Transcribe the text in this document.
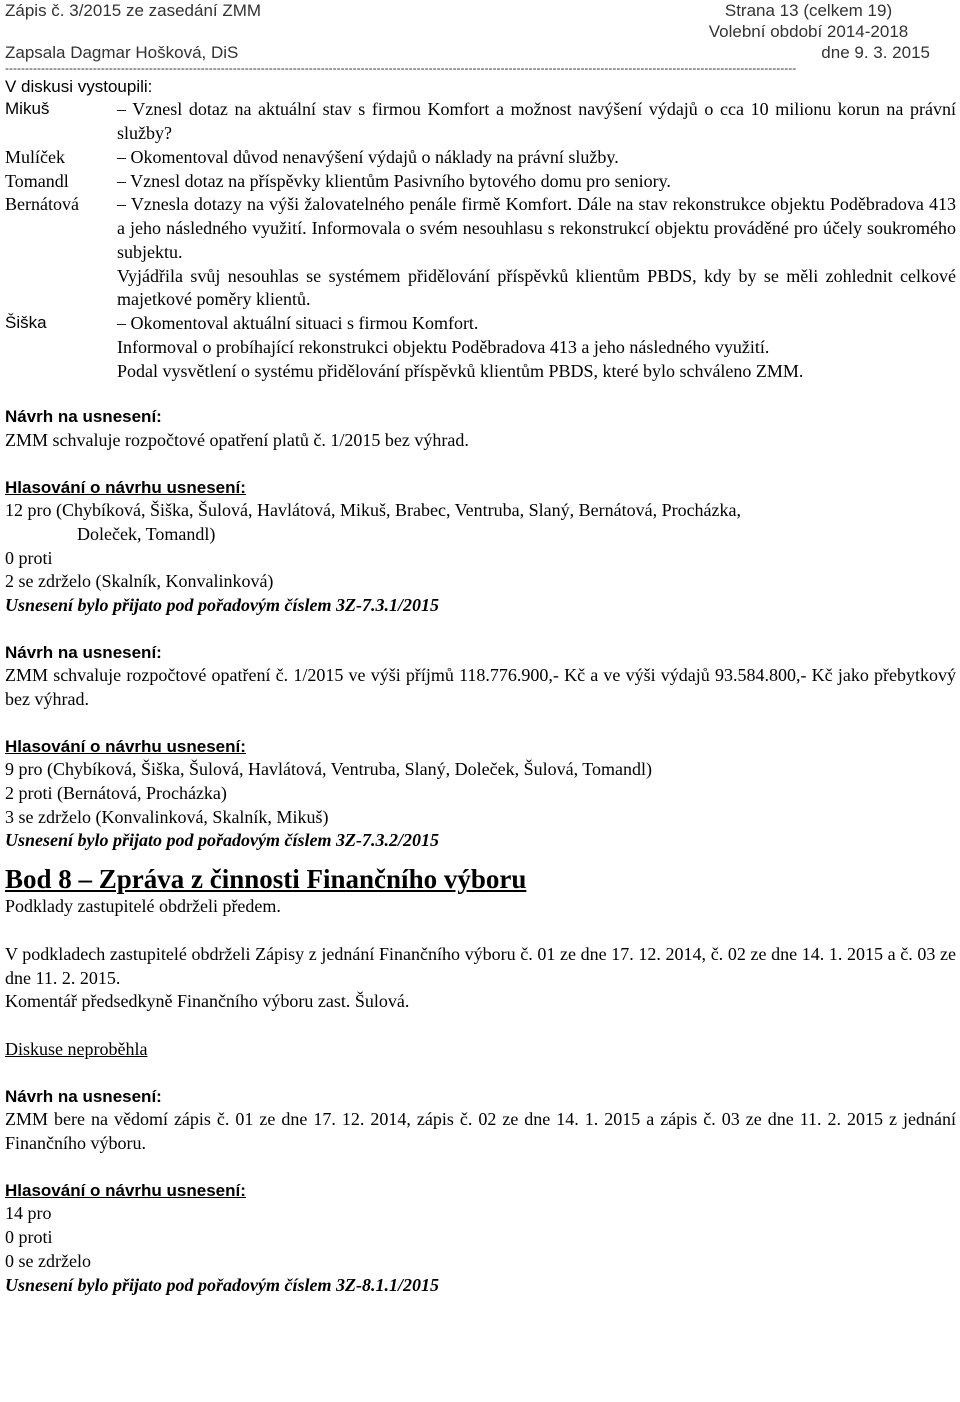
Zápis č. 3/2015 ze zasedání ZMM	Strana 13 (celkem 19)
Zapsala Dagmar Hošková, DiS
Volební období 2014-2018

dne 9. 3. 2015
------------------------------------------------------------------------------------------------------------------------------------------------------------------------------------------------------
V diskusi vystoupili:
Mikuš	– Vznesl dotaz na aktuální stav s firmou Komfort a možnost navýšení výdajů o cca 10 milionu korun na právní služby?
Mulíček	– Okomentoval důvod nenavýšení výdajů o náklady na právní služby.
Tomandl	– Vznesl dotaz na příspěvky klientům Pasivního bytového domu pro seniory.
Bernátová	– Vznesla dotazy na výši žalovatelného penále firmě Komfort. Dále na stav rekonstrukce objektu Poděbradova 413 a jeho následného využití. Informovala o svém nesouhlasu s rekonstrukcí objektu prováděné pro účely soukromého subjektu.
Vyjádřila svůj nesouhlas se systémem přidělování příspěvků klientům PBDS, kdy by se měli zohlednit celkové majetkové poměry klientů.
Šiška	– Okomentoval aktuální situaci s firmou Komfort.
Informoval o probíhající rekonstrukci objektu Poděbradova 413 a jeho následného využití.
Podal vysvětlení o systému přidělování příspěvků klientům PBDS, které bylo schváleno ZMM.
Návrh na usnesení:
ZMM schvaluje rozpočtové opatření platů č. 1/2015 bez výhrad.
Hlasování o návrhu usnesení:
12 pro (Chybíková, Šiška, Šulová, Havlátová, Mikuš, Brabec, Ventruba, Slaný, Bernátová, Procházka,
Doleček, Tomandl)
0 proti
2 se zdrželo (Skalník, Konvalinková)
Usnesení bylo přijato pod pořadovým číslem 3Z-7.3.1/2015
Návrh na usnesení:
ZMM schvaluje rozpočtové opatření č. 1/2015 ve výši příjmů 118.776.900,- Kč a ve výši výdajů 93.584.800,- Kč jako přebytkový bez výhrad.
Hlasování o návrhu usnesení:
9 pro (Chybíková, Šiška, Šulová, Havlátová, Ventruba, Slaný, Doleček, Šulová, Tomandl)
2 proti (Bernátová, Procházka)
3 se zdrželo (Konvalinková, Skalník, Mikuš)
Usnesení bylo přijato pod pořadovým číslem 3Z-7.3.2/2015
Bod 8 – Zpráva z činnosti Finančního výboru
Podklady zastupitelé obdrželi předem.
V podkladech zastupitelé obdrželi Zápisy z jednání Finančního výboru č. 01 ze dne 17. 12. 2014, č. 02 ze dne 14. 1. 2015 a č. 03 ze dne 11. 2. 2015.
Komentář předsedkyně Finančního výboru zast. Šulová.
Diskuse neproběhla
Návrh na usnesení:
ZMM bere na vědomí zápis č. 01 ze dne 17. 12. 2014, zápis č. 02 ze dne 14. 1. 2015 a zápis č. 03 ze dne 11. 2. 2015 z jednání Finančního výboru.
Hlasování o návrhu usnesení:
14 pro
0 proti
0 se zdrželo
Usnesení bylo přijato pod pořadovým číslem 3Z-8.1.1/2015
